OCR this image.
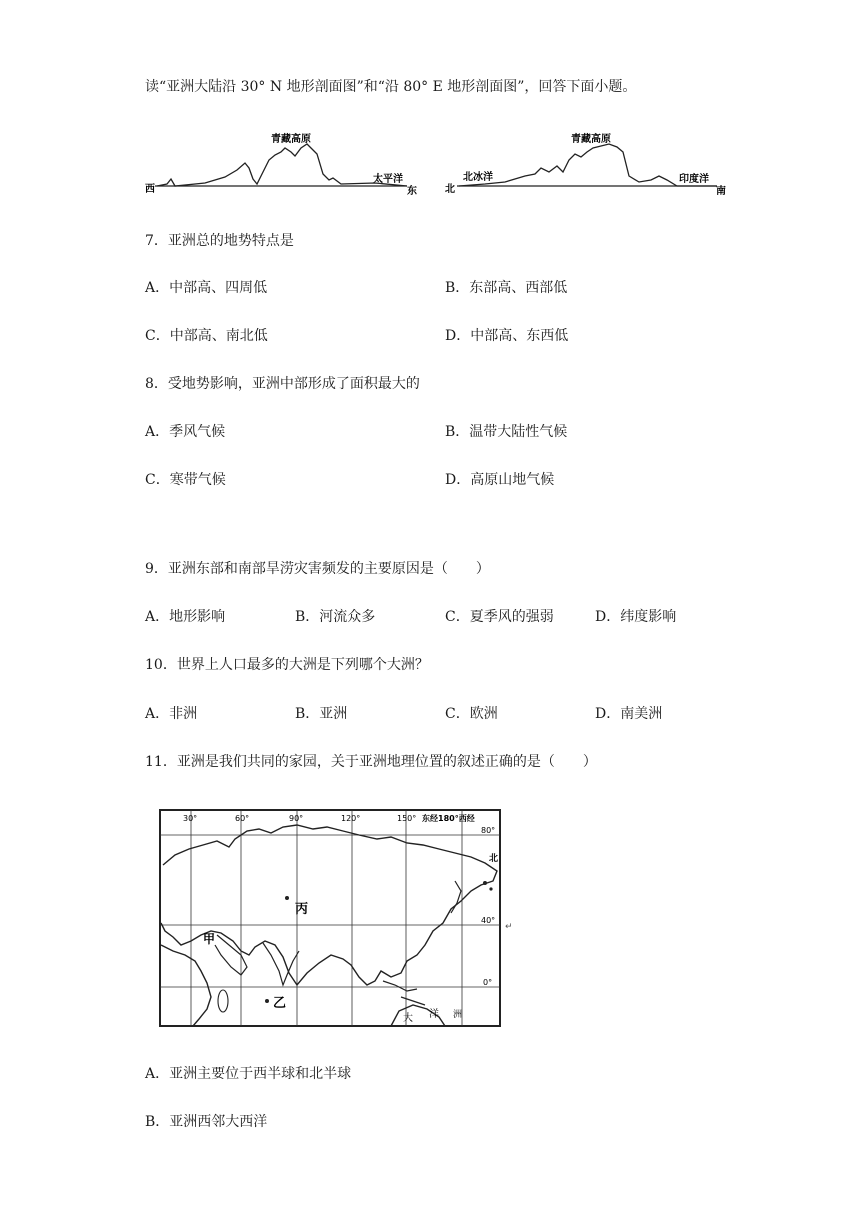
读“亚洲大陆沿 30° N 地形剖面图”和“沿 80° E 地形剖面图”，回答下面小题。
青藏高原
西
太平洋
东
青藏高原
北
北冰洋	印度洋
南
7．亚洲总的地势特点是
A．中部高、四周低	B．东部高、西部低
C．中部高、南北低	D．中部高、东西低
8．受地势影响，亚洲中部形成了面积最大的
A．季风气候	B．温带大陆性气候
C．寒带气候	D．高原山地气候
9．亚洲东部和南部旱涝灾害频发的主要原因是（　　）
A．地形影响	B．河流众多	C．夏季风的强弱	D．纬度影响
10．世界上人口最多的大洲是下列哪个大洲？
A．非洲	B．亚洲	C．欧洲	D．南美洲
11．亚洲是我们共同的家园，关于亚洲地理位置的叙述正确的是（　　）
30°	60°	90°	120°	150° 东经180°西经
80°
40°
0°
北
丙
甲
乙
大 洋 洲
↵
A．亚洲主要位于西半球和北半球
B．亚洲西邻大西洋
